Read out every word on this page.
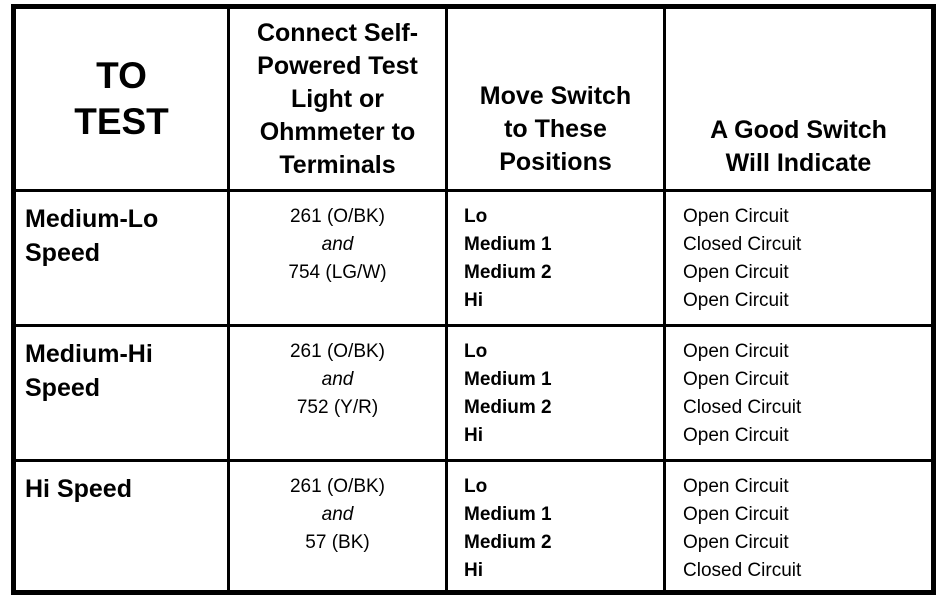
TO
TEST
Connect Self-
Powered Test
Light or
Ohmmeter to
Terminals
Move Switch
to These
Positions
A Good Switch
Will Indicate
Medium-Lo
Speed
261 (O/BK)
and
754 (LG/W)
Lo
Medium 1
Medium 2
Hi
Open Circuit
Closed Circuit
Open Circuit
Open Circuit
Medium-Hi
Speed
261 (O/BK)
and
752 (Y/R)
Lo
Medium 1
Medium 2
Hi
Open Circuit
Open Circuit
Closed Circuit
Open Circuit
Hi Speed	261 (O/BK)
and
57 (BK)
Lo
Medium 1
Medium 2
Hi
Open Circuit
Open Circuit
Open Circuit
Closed Circuit
